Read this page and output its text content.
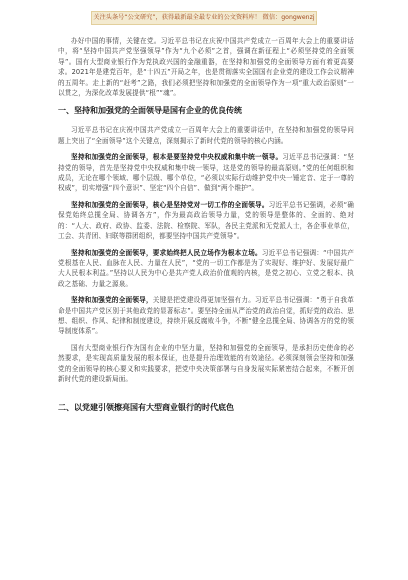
关注头条号“公文研究”，获得最新最全最专业的公文资料库！ 微信：gongwenzj

办好中国的事情，关键在党。习近平总书记在庆祝中国共产党成立一百周年大会上的重要讲话中，将“坚持中国共产党坚强领导”作为“九个必须”之首，强调在新征程上“必须坚持党的全面领导”。国有大型商业银行作为党执政兴国的金融重器，在坚持和加强党的全面领导方面有着更高要求。2021年是建党百年，是“十四五”开局之年，也是贯彻落实全国国有企业党的建设工作会议精神的五周年。走上新的“赶考”之路，我们必须把坚持和加强党的全面领导作为一项“重大政治原则”一以贯之，为深化改革发展提供“根”“魂”。

一、坚持和加强党的全面领导是国有企业的优良传统

习近平总书记在庆祝中国共产党成立一百周年大会上的重要讲话中，在坚持和加强党的领导问题上突出了“全面领导”这个关键点，深刻揭示了新时代党的领导的核心内涵。

坚持和加强党的全面领导，根本是要坚持党中央权威和集中统一领导。习近平总书记强调：“坚持党的领导，首先是坚持党中央权威和集中统一领导，这是党的领导的最高原则。”党的任何组织和成员，无论在哪个领域、哪个层级、哪个单位，“必须以实际行动维护党中央一锤定音、定于一尊的权威”，切实增强“四个意识”、坚定“四个自信”、做到“两个维护”。

坚持和加强党的全面领导，核心是坚持党对一切工作的全面领导。习近平总书记强调，必须“确保党始终总揽全局、协调各方”，作为最高政治领导力量，党的领导是整体的、全面的、绝对的：“人大、政府、政协、监委、法院、检察院、军队，各民主党派和无党派人士，各企事业单位，工会、共青团、妇联等群团组织，都要坚持中国共产党领导”。

坚持和加强党的全面领导，要求始终把人民立场作为根本立场。习近平总书记强调：“中国共产党根基在人民、血脉在人民、力量在人民”，“党的一切工作都是为了实现好、维护好、发展好最广大人民根本利益。”坚持以人民为中心是共产党人政治价值观的内核，是党之初心、立党之根本、执政之基础、力量之源泉。

坚持和加强党的全面领导，关键是把党建设得更加坚强有力。习近平总书记强调：“勇于自我革命是中国共产党区别于其他政党的显著标志”。要坚持全面从严治党的政治自觉，抓好党的政治、思想、组织、作风、纪律和制度建设，持续开展反腐败斗争，不断“健全总揽全局、协调各方的党的领导制度体系”。

国有大型商业银行作为国有企业的中坚力量，坚持和加强党的全面领导，是承担历史使命的必然要求，是实现高质量发展的根本保证，也是提升治理效能的有效途径。必须深刻领会坚持和加强党的全面领导的核心要义和实践要求，把党中央决策部署与自身发展实际紧密结合起来，不断开创新时代党的建设新局面。

二、以党建引领擦亮国有大型商业银行的时代底色
